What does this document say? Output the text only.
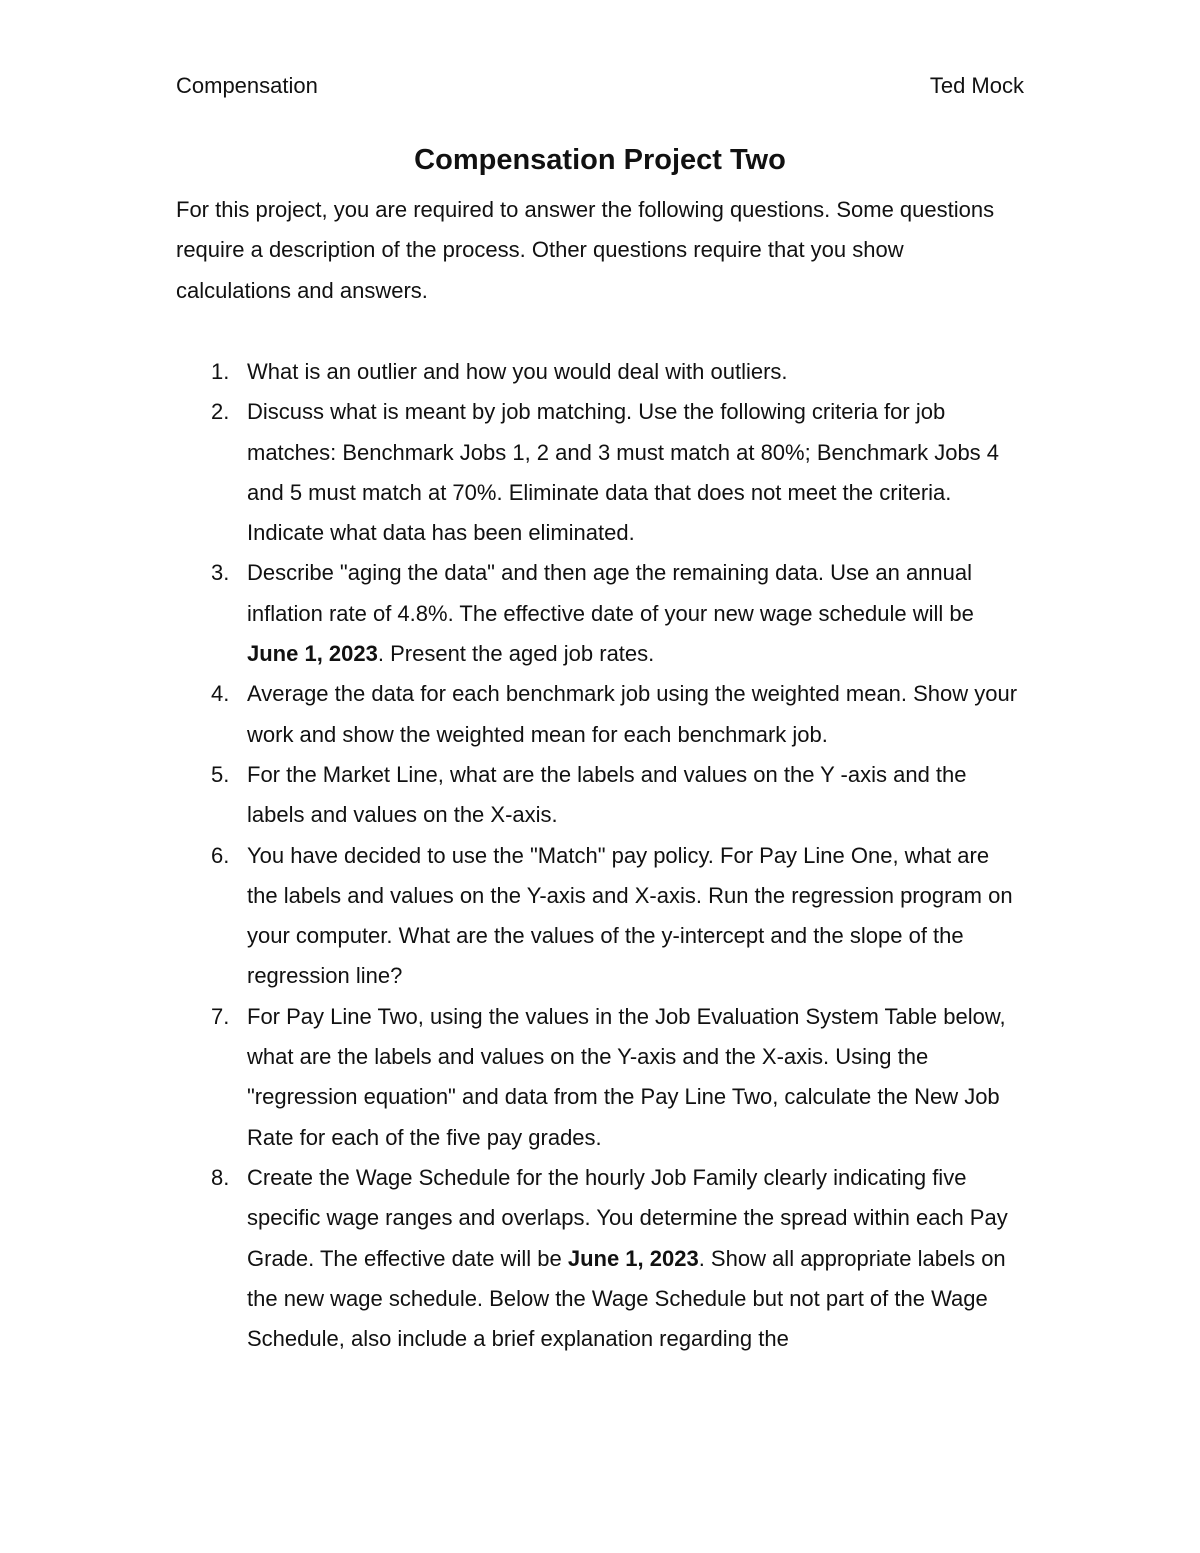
Compensation	Ted Mock
Compensation Project Two
For this project, you are required to answer the following questions. Some questions require a description of the process. Other questions require that you show calculations and answers.
1. What is an outlier and how you would deal with outliers.
2. Discuss what is meant by job matching. Use the following criteria for job matches: Benchmark Jobs 1, 2 and 3 must match at 80%; Benchmark Jobs 4 and 5 must match at 70%. Eliminate data that does not meet the criteria. Indicate what data has been eliminated.
3. Describe "aging the data" and then age the remaining data. Use an annual inflation rate of 4.8%. The effective date of your new wage schedule will be June 1, 2023. Present the aged job rates.
4. Average the data for each benchmark job using the weighted mean. Show your work and show the weighted mean for each benchmark job.
5. For the Market Line, what are the labels and values on the Y -axis and the labels and values on the X-axis.
6. You have decided to use the "Match" pay policy. For Pay Line One, what are the labels and values on the Y-axis and X-axis. Run the regression program on your computer. What are the values of the y-intercept and the slope of the regression line?
7. For Pay Line Two, using the values in the Job Evaluation System Table below, what are the labels and values on the Y-axis and the X-axis. Using the "regression equation" and data from the Pay Line Two, calculate the New Job Rate for each of the five pay grades.
8. Create the Wage Schedule for the hourly Job Family clearly indicating five specific wage ranges and overlaps. You determine the spread within each Pay Grade. The effective date will be June 1, 2023. Show all appropriate labels on the new wage schedule. Below the Wage Schedule but not part of the Wage Schedule, also include a brief explanation regarding the
